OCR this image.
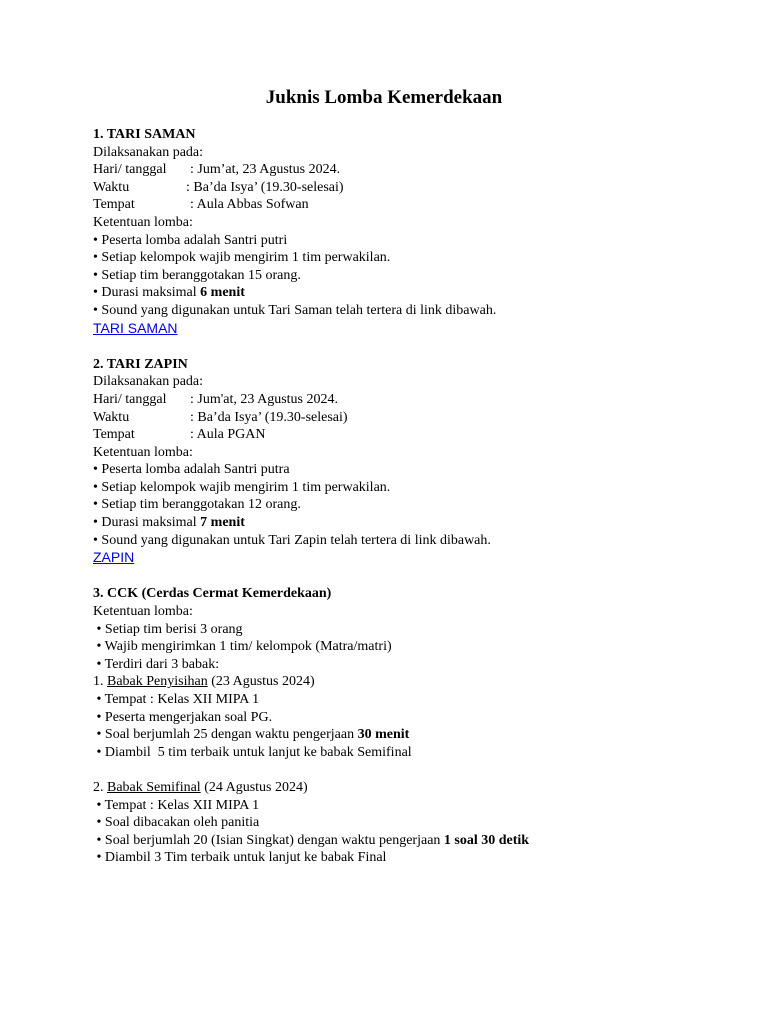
Juknis Lomba Kemerdekaan
1. TARI SAMAN
Dilaksanakan pada:
Hari/ tanggal : Jum’at, 23 Agustus 2024.
Waktu	: Ba’da Isya’ (19.30-selesai)
Tempat	: Aula Abbas Sofwan
Ketentuan lomba:
• Peserta lomba adalah Santri putri
• Setiap kelompok wajib mengirim 1 tim perwakilan.
• Setiap tim beranggotakan 15 orang.
• Durasi maksimal 6 menit
• Sound yang digunakan untuk Tari Saman telah tertera di link dibawah.
TARI SAMAN
2. TARI ZAPIN
Dilaksanakan pada:
Hari/ tanggal : Jum'at, 23 Agustus 2024.
Waktu	: Ba’da Isya’ (19.30-selesai)
Tempat	: Aula PGAN
Ketentuan lomba:
• Peserta lomba adalah Santri putra
• Setiap kelompok wajib mengirim 1 tim perwakilan.
• Setiap tim beranggotakan 12 orang.
• Durasi maksimal 7 menit
• Sound yang digunakan untuk Tari Zapin telah tertera di link dibawah.
ZAPIN
3. CCK (Cerdas Cermat Kemerdekaan)
Ketentuan lomba:
• Setiap tim berisi 3 orang
• Wajib mengirimkan 1 tim/ kelompok (Matra/matri)
• Terdiri dari 3 babak:
1. Babak Penyisihan (23 Agustus 2024)
• Tempat : Kelas XII MIPA 1
• Peserta mengerjakan soal PG.
• Soal berjumlah 25 dengan waktu pengerjaan 30 menit
• Diambil  5 tim terbaik untuk lanjut ke babak Semifinal
2. Babak Semifinal (24 Agustus 2024)
• Tempat : Kelas XII MIPA 1
• Soal dibacakan oleh panitia
• Soal berjumlah 20 (Isian Singkat) dengan waktu pengerjaan 1 soal 30 detik
• Diambil 3 Tim terbaik untuk lanjut ke babak Final
